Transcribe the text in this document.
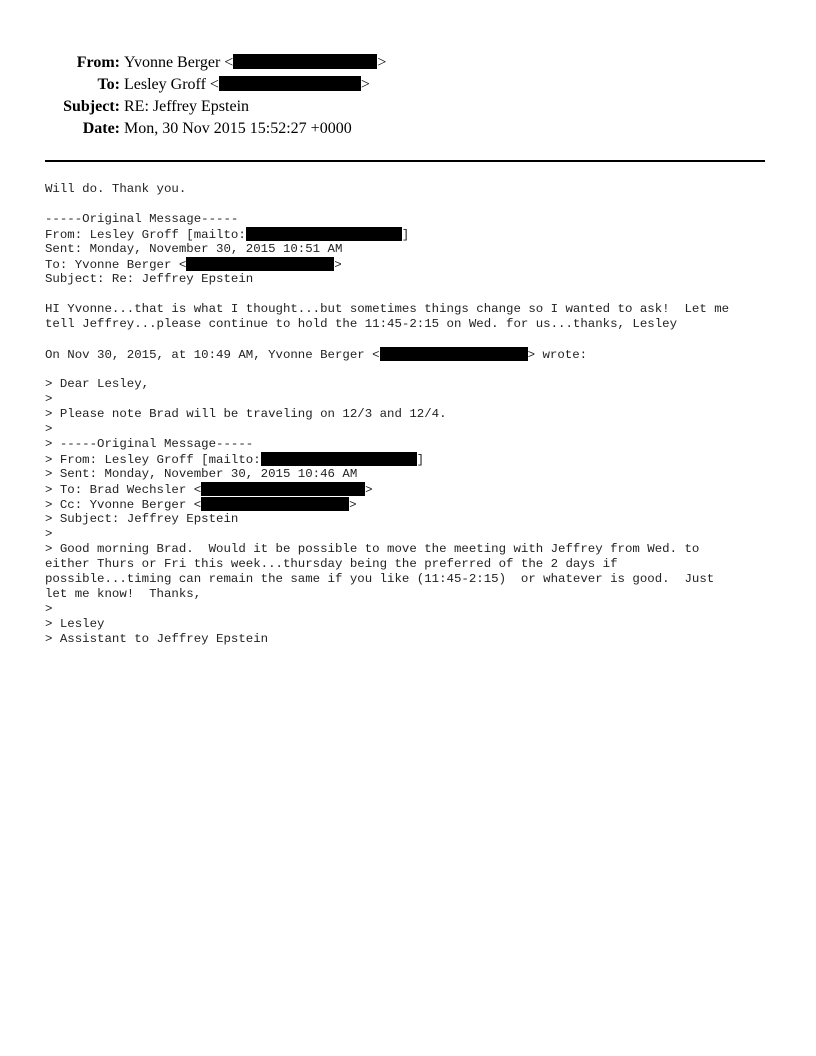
From: Yvonne Berger <	>
To: Lesley Groff <	>
Subject: RE: Jeffrey Epstein
Date: Mon, 30 Nov 2015 15:52:27 +0000
Will do. Thank you.
-----Original Message-----
From: Lesley Groff [mailto:	]
Sent: Monday, November 30, 2015 10:51 AM
To: Yvonne Berger <	>
Subject: Re: Jeffrey Epstein
HI Yvonne...that is what I thought...but sometimes things change so I wanted to ask!  Let me
tell Jeffrey...please continue to hold the 11:45-2:15 on Wed. for us...thanks, Lesley
On Nov 30, 2015, at 10:49 AM, Yvonne Berger <	> wrote:
> Dear Lesley,
>
> Please note Brad will be traveling on 12/3 and 12/4.
>
> -----Original Message-----
> From: Lesley Groff [mailto:	]
> Sent: Monday, November 30, 2015 10:46 AM
> To: Brad Wechsler <	>
> Cc: Yvonne Berger <	>
> Subject: Jeffrey Epstein
>
> Good morning Brad.  Would it be possible to move the meeting with Jeffrey from Wed. to
either Thurs or Fri this week...thursday being the preferred of the 2 days if
possible...timing can remain the same if you like (11:45-2:15)  or whatever is good.  Just
let me know!  Thanks,
>
> Lesley
> Assistant to Jeffrey Epstein
